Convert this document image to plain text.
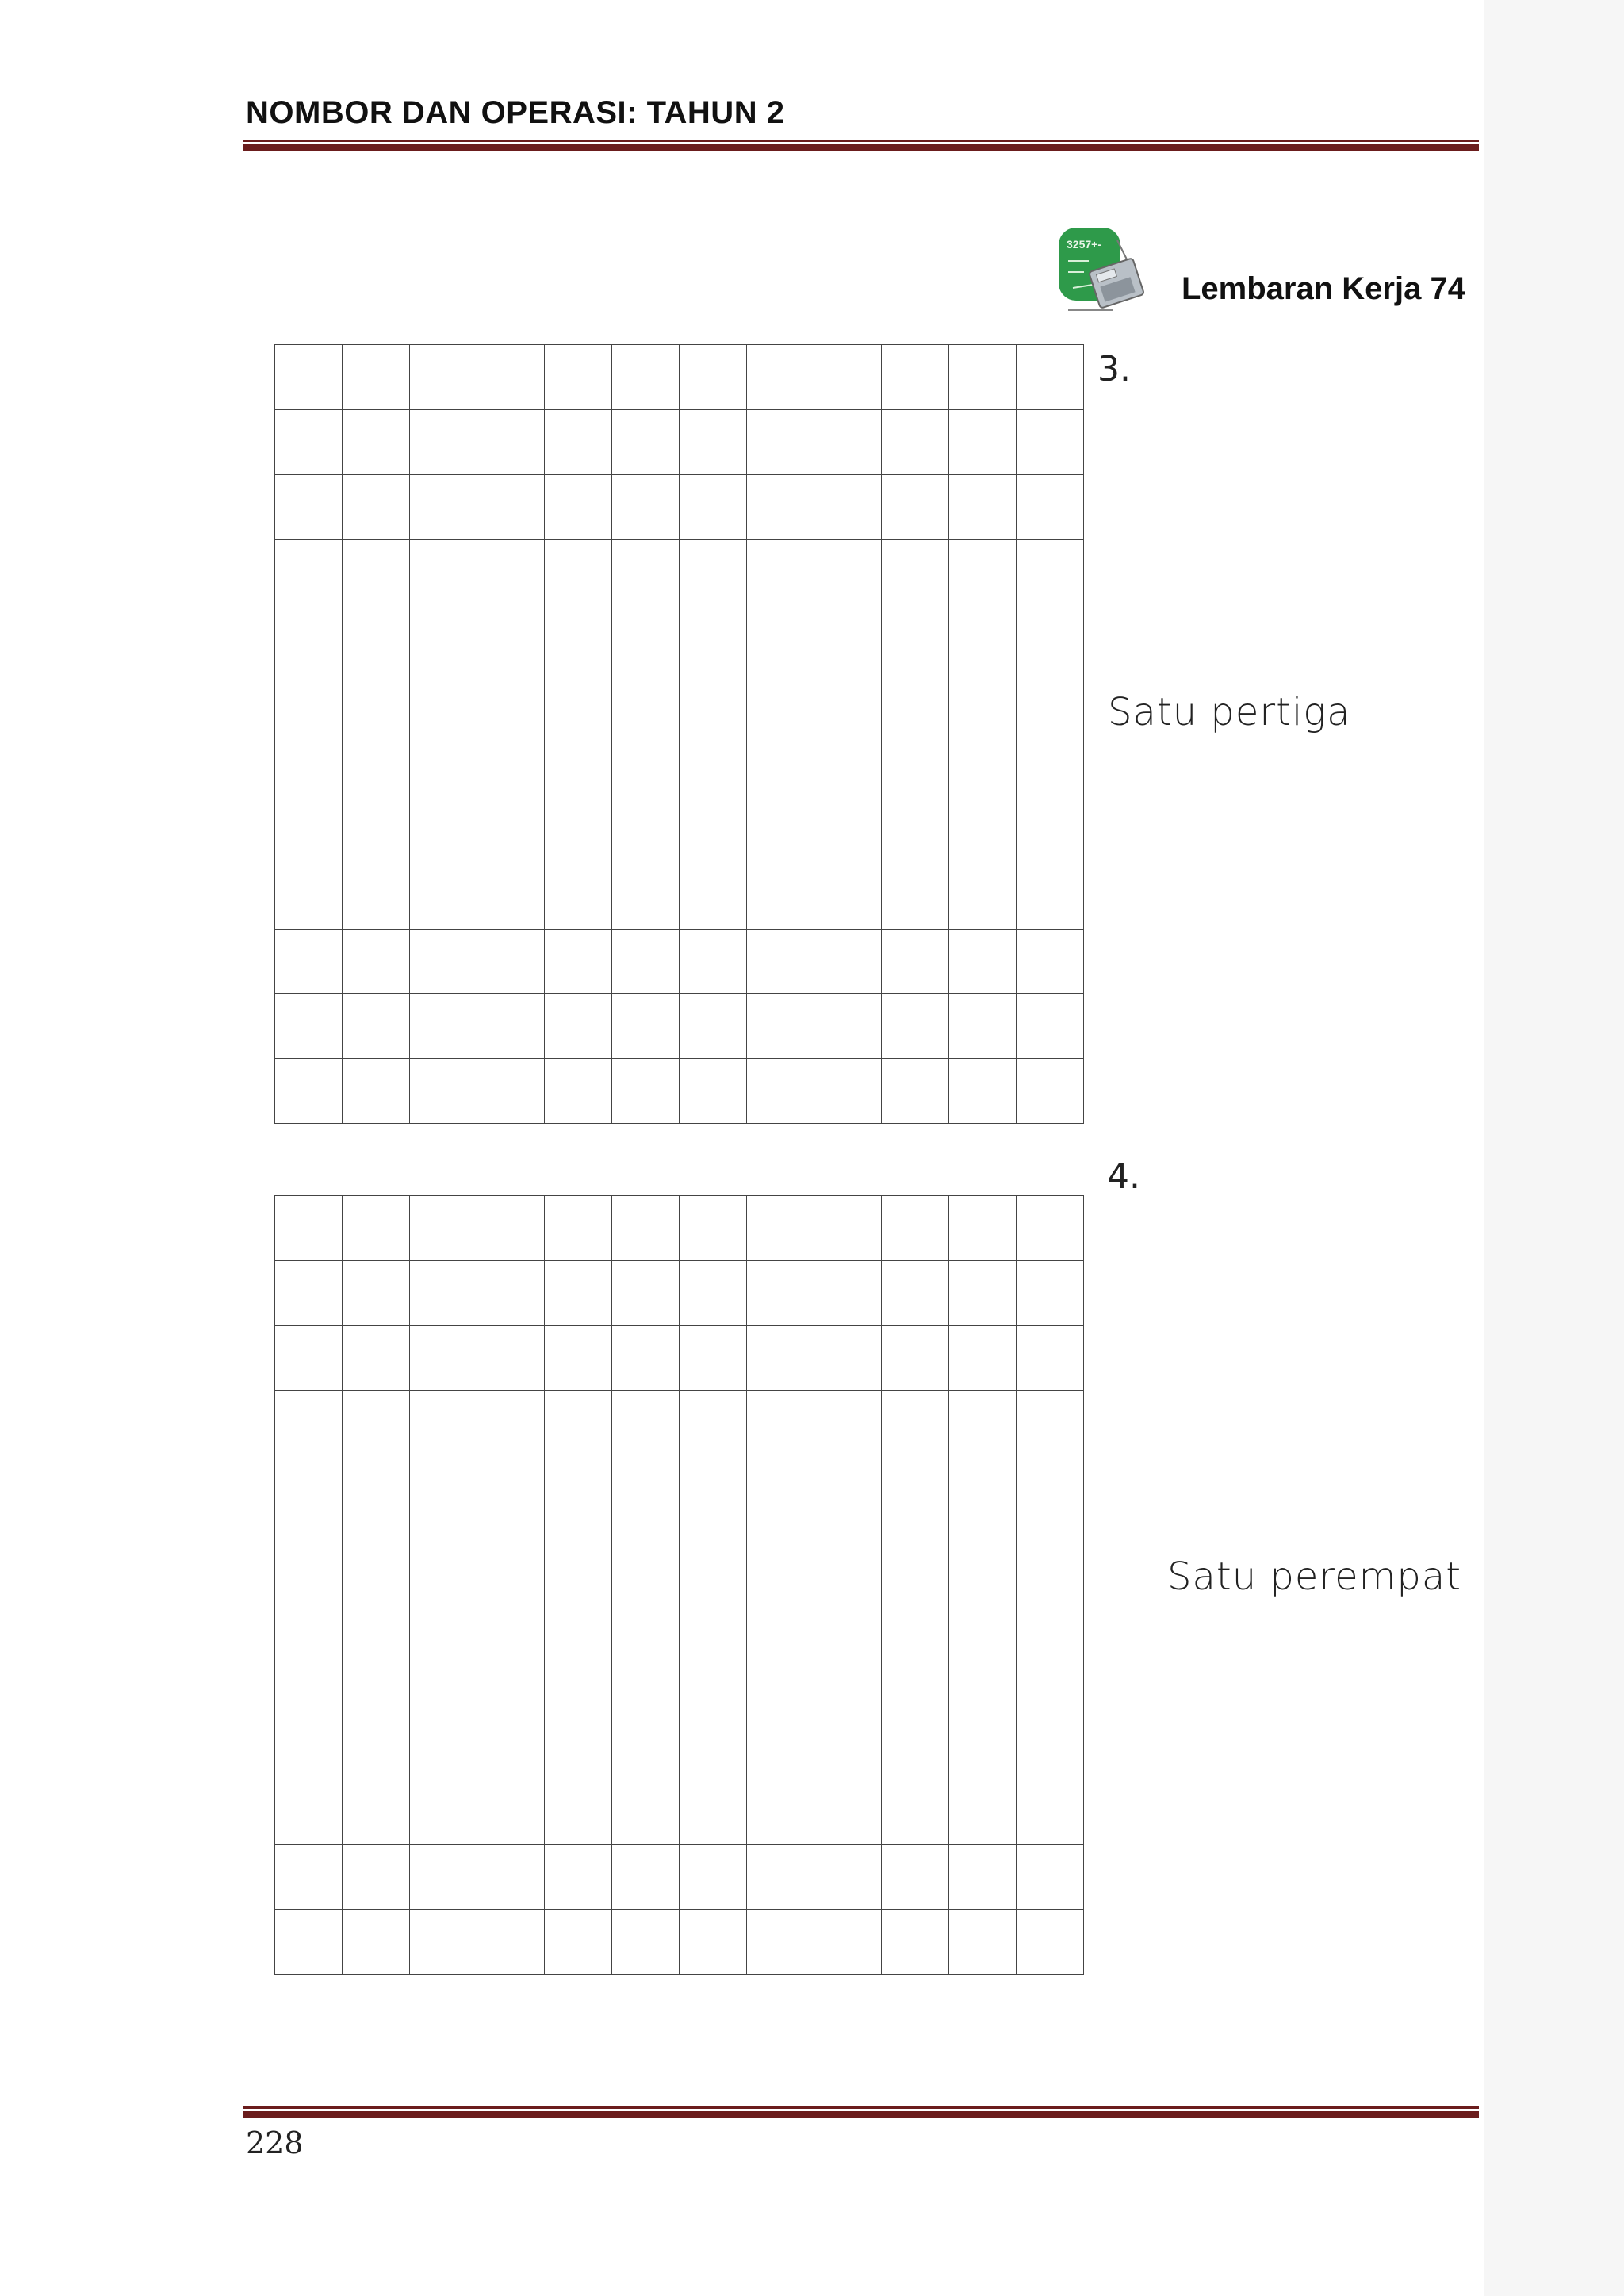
NOMBOR DAN OPERASI: TAHUN 2
3257+-
Lembaran Kerja 74
3.
Satu pertiga
4.
Satu perempat
228
